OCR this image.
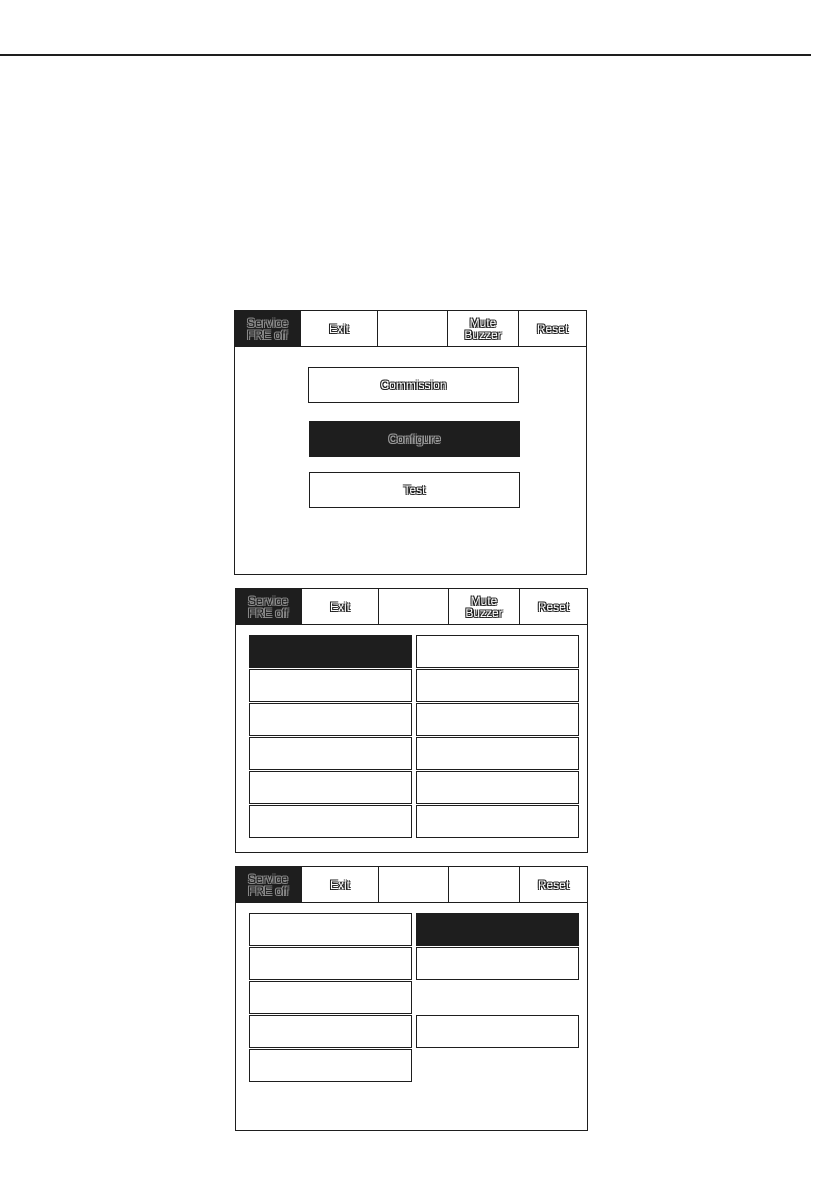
Service
FRE off	Exit	Mute
Buzzer	Reset
Commission
Configure
Test
Service
FRE off	Exit	Mute
Buzzer	Reset
Service
FRE off	Exit	Reset
